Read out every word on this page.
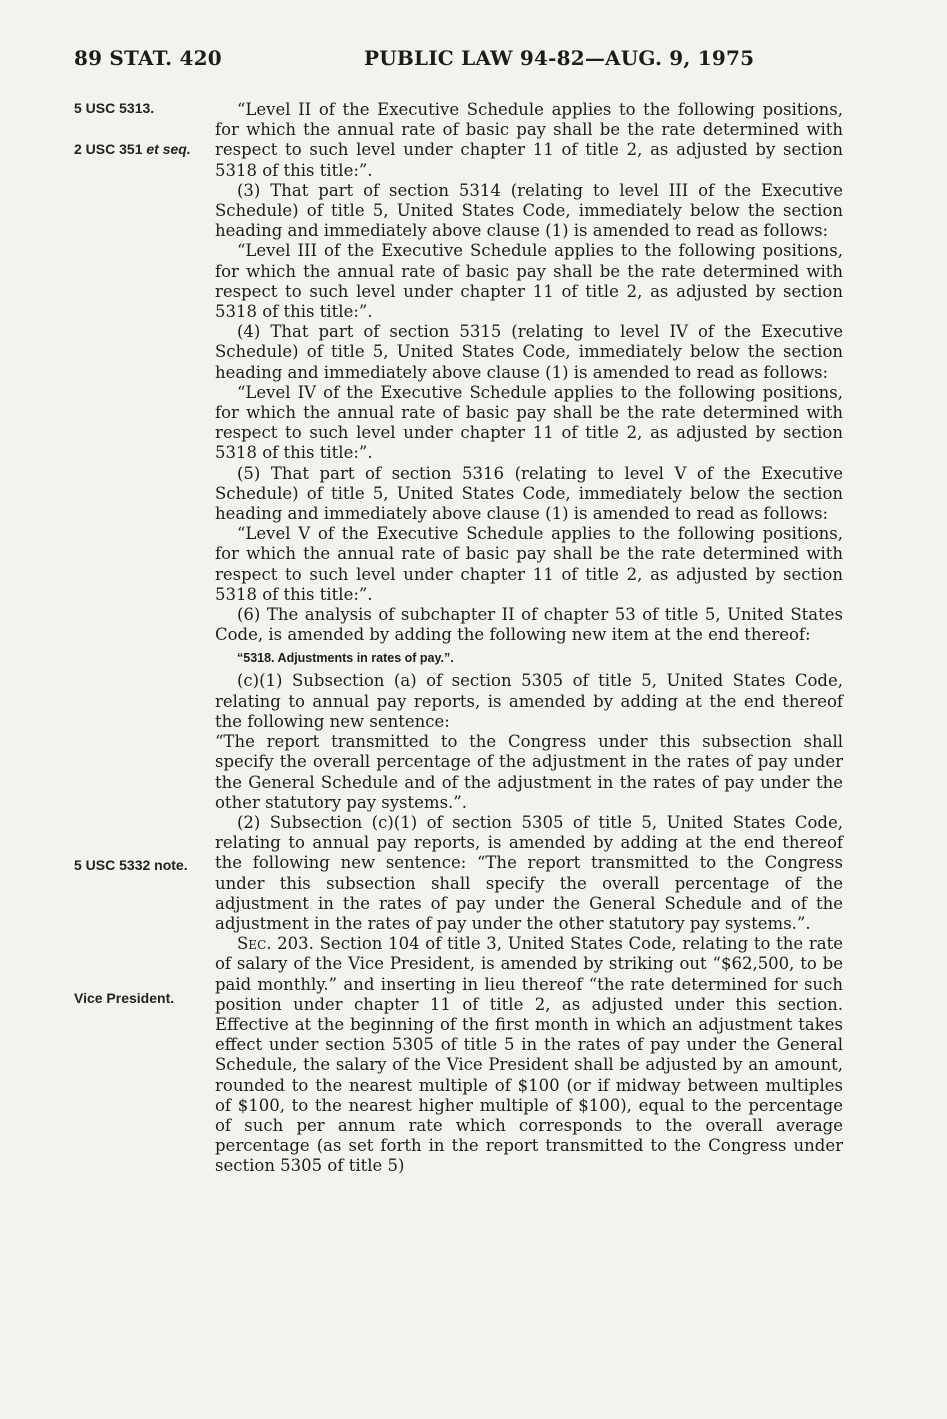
89 STAT. 420	PUBLIC LAW 94-82—AUG. 9, 1975
5 USC 5313.
2 USC 351 et seq.
5 USC 5332 note.
Vice President.

“Level II of the Executive Schedule applies to the following positions, for which the annual rate of basic pay shall be the rate determined with respect to such level under chapter 11 of title 2, as adjusted by section 5318 of this title:”.

(3) That part of section 5314 (relating to level III of the Executive Schedule) of title 5, United States Code, immediately below the section heading and immediately above clause (1) is amended to read as follows:

“Level III of the Executive Schedule applies to the following positions, for which the annual rate of basic pay shall be the rate determined with respect to such level under chapter 11 of title 2, as adjusted by section 5318 of this title:”.

(4) That part of section 5315 (relating to level IV of the Executive Schedule) of title 5, United States Code, immediately below the section heading and immediately above clause (1) is amended to read as follows:

“Level IV of the Executive Schedule applies to the following positions, for which the annual rate of basic pay shall be the rate determined with respect to such level under chapter 11 of title 2, as adjusted by section 5318 of this title:”.

(5) That part of section 5316 (relating to level V of the Executive Schedule) of title 5, United States Code, immediately below the section heading and immediately above clause (1) is amended to read as follows:

“Level V of the Executive Schedule applies to the following positions, for which the annual rate of basic pay shall be the rate determined with respect to such level under chapter 11 of title 2, as adjusted by section 5318 of this title:”.

(6) The analysis of subchapter II of chapter 53 of title 5, United States Code, is amended by adding the following new item at the end thereof:

“5318. Adjustments in rates of pay.”.

(c)(1) Subsection (a) of section 5305 of title 5, United States Code, relating to annual pay reports, is amended by adding at the end thereof the following new sentence:

“The report transmitted to the Congress under this subsection shall specify the overall percentage of the adjustment in the rates of pay under the General Schedule and of the adjustment in the rates of pay under the other statutory pay systems.”.

(2) Subsection (c)(1) of section 5305 of title 5, United States Code, relating to annual pay reports, is amended by adding at the end thereof the following new sentence: “The report transmitted to the Congress under this subsection shall specify the overall percentage of the adjustment in the rates of pay under the General Schedule and of the adjustment in the rates of pay under the other statutory pay systems.”.

Sec. 203. Section 104 of title 3, United States Code, relating to the rate of salary of the Vice President, is amended by striking out “$62,500, to be paid monthly.” and inserting in lieu thereof “the rate determined for such position under chapter 11 of title 2, as adjusted under this section. Effective at the beginning of the first month in which an adjustment takes effect under section 5305 of title 5 in the rates of pay under the General Schedule, the salary of the Vice President shall be adjusted by an amount, rounded to the nearest multiple of $100 (or if midway between multiples of $100, to the nearest higher multiple of $100), equal to the percentage of such per annum rate which corresponds to the overall average percentage (as set forth in the report transmitted to the Congress under section 5305 of title 5)
